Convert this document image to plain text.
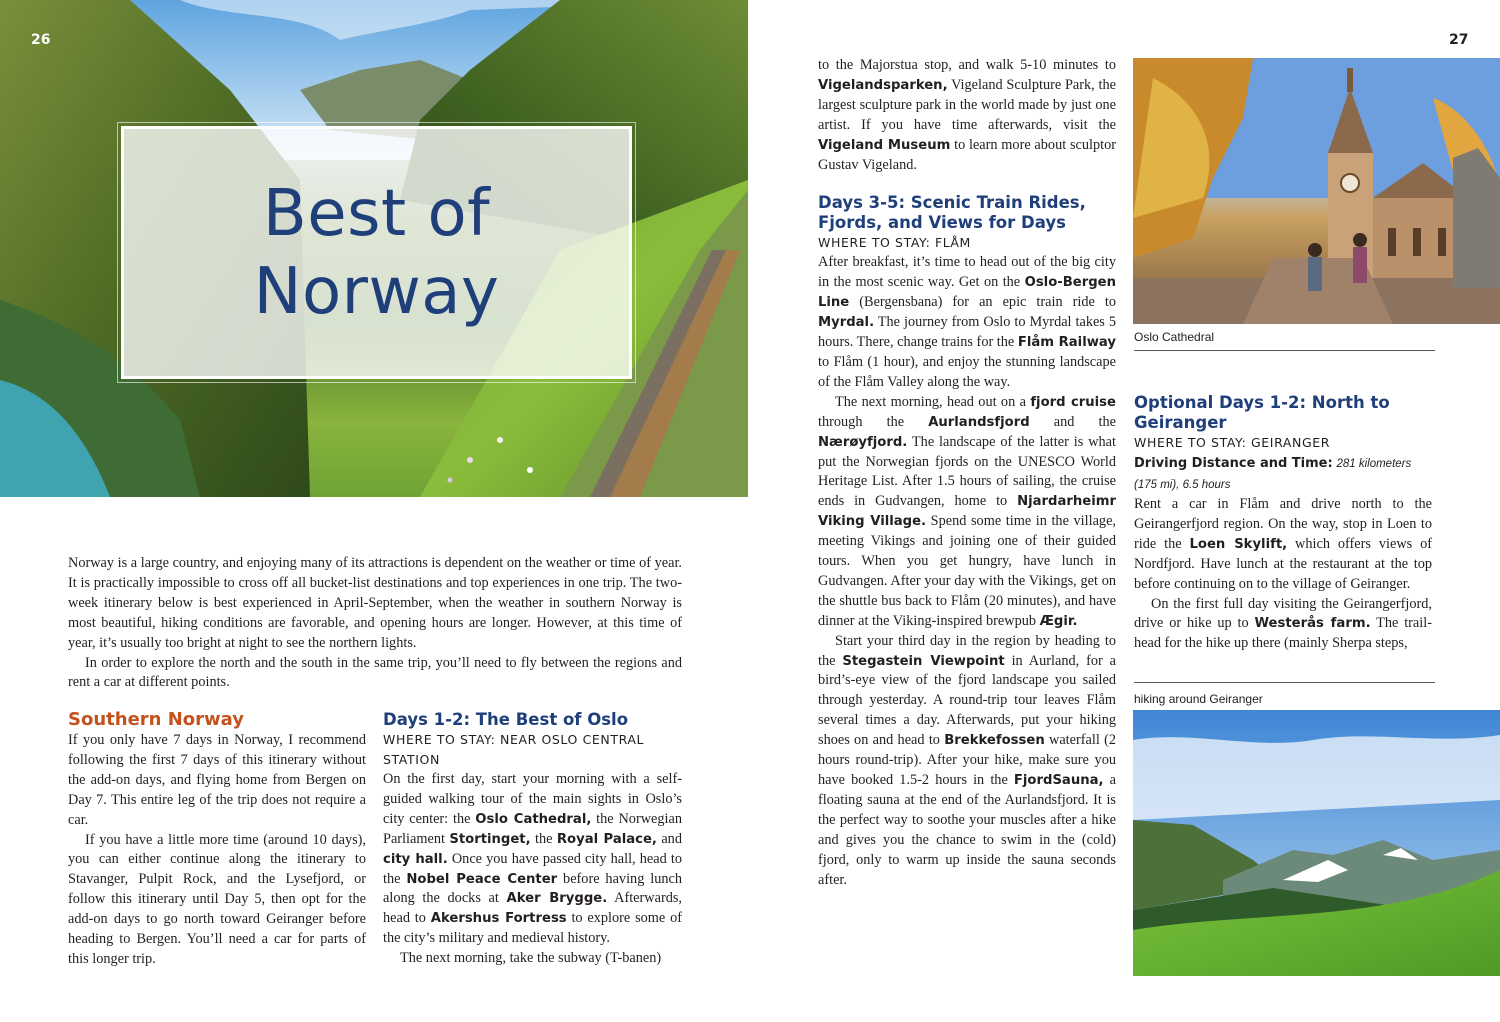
Best of
Norway
26	27

Norway is a large country, and enjoying many of its attractions is dependent on the weather or time of year. It is practically impossible to cross off all bucket-list destinations and top experiences in one trip. The two-week itinerary below is best experienced in April-September, when the weather in southern Norway is most beautiful, hiking conditions are favorable, and opening hours are longer. However, at this time of year, it’s usually too bright at night to see the northern lights.

In order to explore the north and the south in the same trip, you’ll need to fly between the regions and rent a car at different points.

Southern Norway

If you only have 7 days in Norway, I recommend following the first 7 days of this itinerary without the add-on days, and flying home from Bergen on Day 7. This entire leg of the trip does not require a car.

If you have a little more time (around 10 days), you can either continue along the itinerary to Stavanger, Pulpit Rock, and the Lysefjord, or follow this itinerary until Day 5, then opt for the add-on days to go north toward Geiranger before heading to Bergen. You’ll need a car for parts of this longer trip.

Days 1-2: The Best of Oslo
WHERE TO STAY: NEAR OSLO CENTRAL STATION

On the first day, start your morning with a self-guided walking tour of the main sights in Oslo’s city center: the Oslo Cathedral, the Norwegian Parliament Stortinget, the Royal Palace, and city hall. Once you have passed city hall, head to the Nobel Peace Center before having lunch along the docks at Aker Brygge. Afterwards, head to Akershus Fortress to explore some of the city’s military and medieval history.

The next morning, take the subway (T-banen)

to the Majorstua stop, and walk 5-10 minutes to Vigelandsparken, Vigeland Sculpture Park, the largest sculpture park in the world made by just one artist. If you have time afterwards, visit the Vigeland Museum to learn more about sculptor Gustav Vigeland.

Days 3-5: Scenic Train Rides, Fjords, and Views for Days
WHERE TO STAY: FLÅM

After breakfast, it’s time to head out of the big city in the most scenic way. Get on the Oslo-Bergen Line (Bergensbana) for an epic train ride to Myrdal. The journey from Oslo to Myrdal takes 5 hours. There, change trains for the Flåm Railway to Flåm (1 hour), and enjoy the stunning landscape of the Flåm Valley along the way.

The next morning, head out on a fjord cruise through the Aurlandsfjord and the Nærøyfjord. The landscape of the latter is what put the Norwegian fjords on the UNESCO World Heritage List. After 1.5 hours of sailing, the cruise ends in Gudvangen, home to Njardarheimr Viking Village. Spend some time in the village, meeting Vikings and joining one of their guided tours. When you get hungry, have lunch in Gudvangen. After your day with the Vikings, get on the shuttle bus back to Flåm (20 minutes), and have dinner at the Viking-inspired brewpub Ægir.

Start your third day in the region by heading to the Stegastein Viewpoint in Aurland, for a bird’s-eye view of the fjord landscape you sailed through yesterday. A round-trip tour leaves Flåm several times a day. Afterwards, put your hiking shoes on and head to Brekkefossen waterfall (2 hours round-trip). After your hike, make sure you have booked 1.5-2 hours in the FjordSauna, a floating sauna at the end of the Aurlandsfjord. It is the perfect way to soothe your muscles after a hike and gives you the chance to swim in the (cold) fjord, only to warm up inside the sauna seconds after.

Oslo Cathedral
Optional Days 1-2: North to Geiranger
WHERE TO STAY: GEIRANGER
Driving Distance and Time: 281 kilometers (175 mi), 6.5 hours

Rent a car in Flåm and drive north to the Geirangerfjord region. On the way, stop in Loen to ride the Loen Skylift, which offers views of Nordfjord. Have lunch at the restaurant at the top before continuing on to the village of Geiranger.

On the first full day visiting the Geirangerfjord, drive or hike up to Westerås farm. The trail-head for the hike up there (mainly Sherpa steps,

hiking around Geiranger
